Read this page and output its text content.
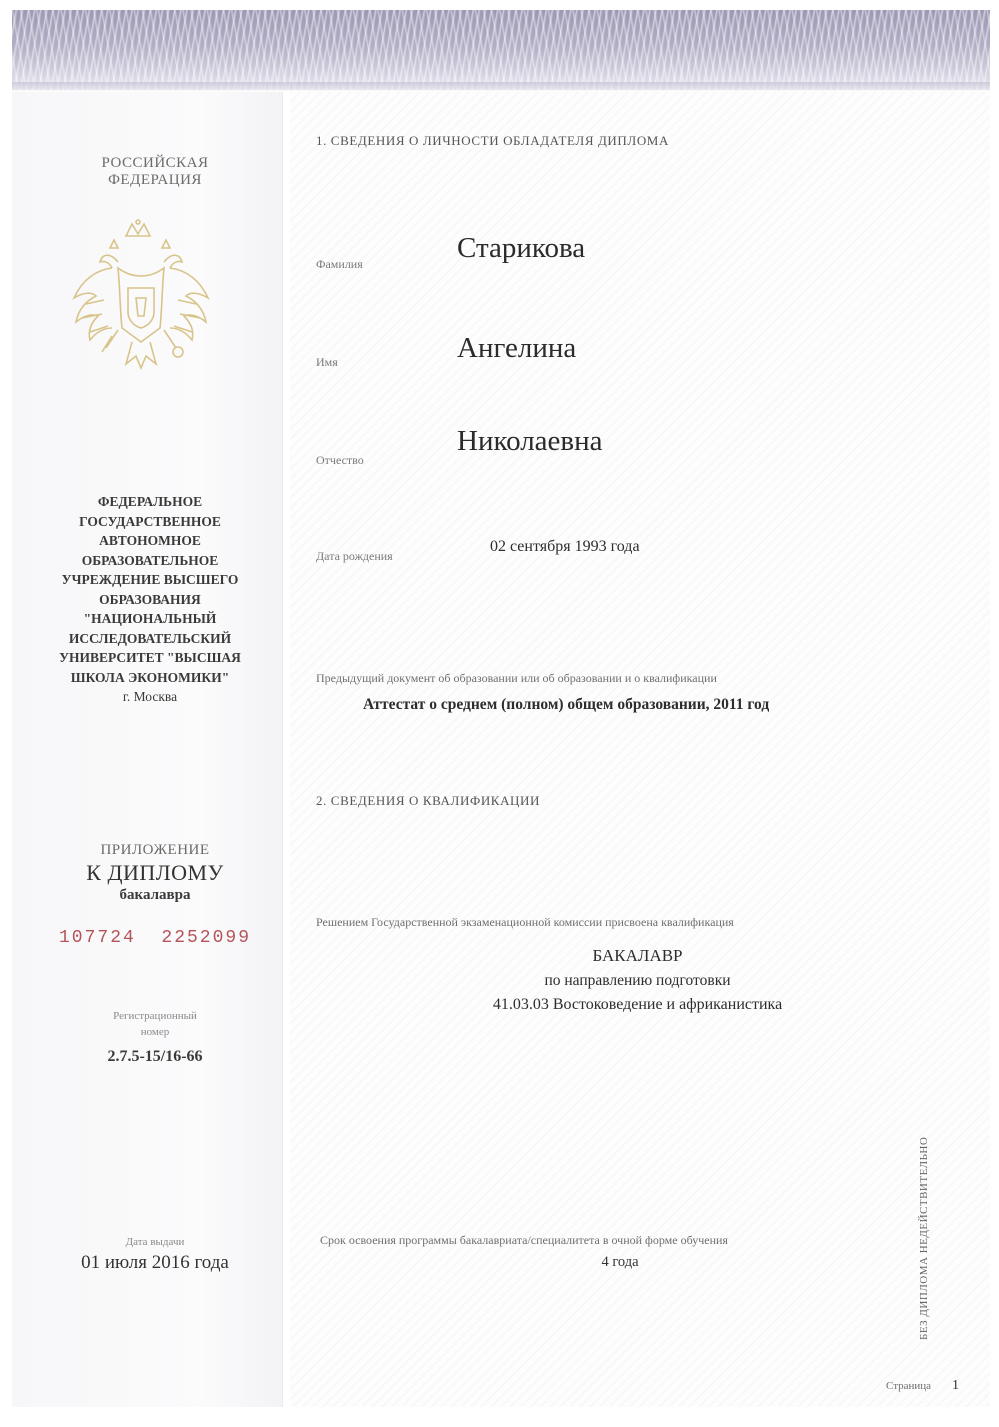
РОССИЙСКАЯ
ФЕДЕРАЦИЯ
ФЕДЕРАЛЬНОЕ
ГОСУДАРСТВЕННОЕ
АВТОНОМНОЕ
ОБРАЗОВАТЕЛЬНОЕ
УЧРЕЖДЕНИЕ ВЫСШЕГО
ОБРАЗОВАНИЯ
"НАЦИОНАЛЬНЫЙ
ИССЛЕДОВАТЕЛЬСКИЙ
УНИВЕРСИТЕТ "ВЫСШАЯ
ШКОЛА ЭКОНОМИКИ"
г. Москва
ПРИЛОЖЕНИЕ
К ДИПЛОМУ
бакалавра
107724  2252099
Регистрационный
номер
2.7.5-15/16-66
Дата выдачи
01 июля 2016 года
1. СВЕДЕНИЯ О ЛИЧНОСТИ ОБЛАДАТЕЛЯ ДИПЛОМА
Фамилия	Старикова
Имя	Ангелина
Отчество
Николаевна
Дата рождения
02 сентября 1993 года
Предыдущий документ об образовании или об образовании и о квалификации
Аттестат о среднем (полном) общем образовании, 2011 год
2. СВЕДЕНИЯ О КВАЛИФИКАЦИИ
Решением Государственной экзаменационной комиссии присвоена квалификация
БАКАЛАВР
по направлению подготовки
41.03.03 Востоковедение и африканистика
Срок освоения программы бакалавриата/специалитета в очной форме обучения
4 года	БЕЗ ДИПЛОМА НЕДЕЙСТВИТЕЛЬНО
Страница	1
